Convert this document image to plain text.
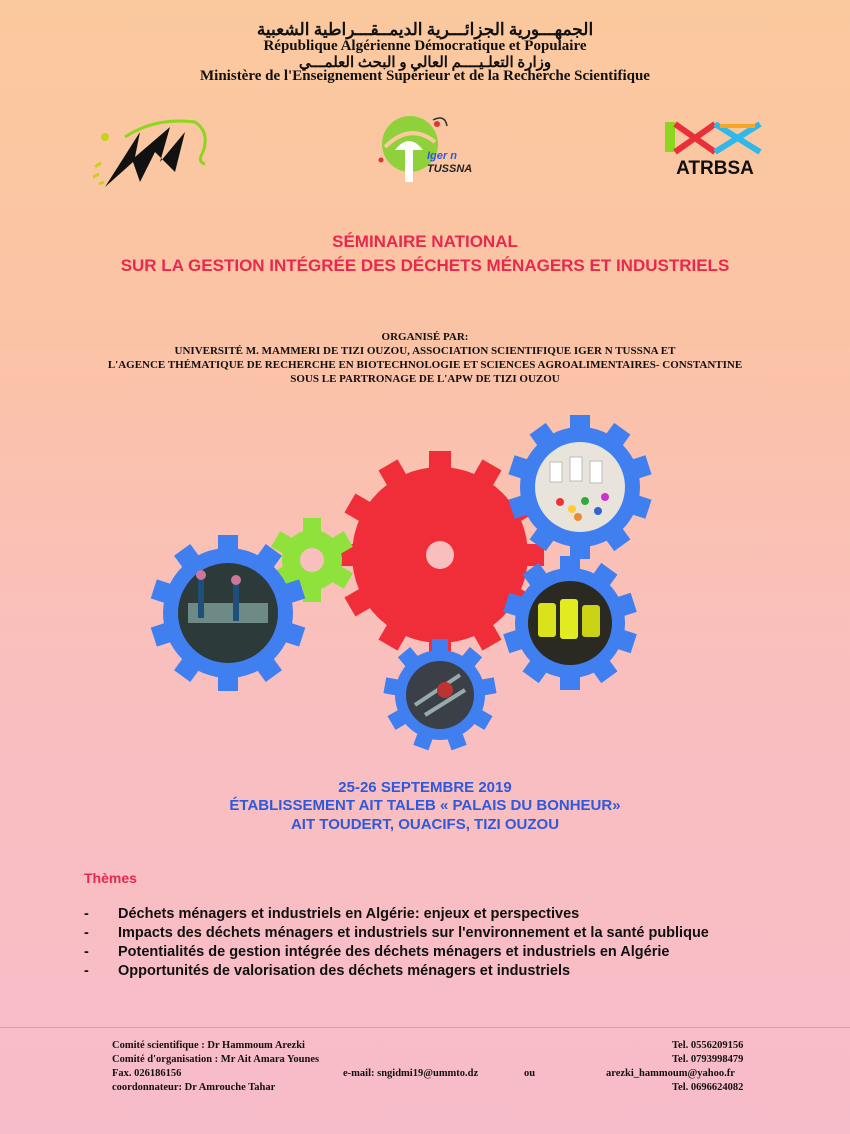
الجمهـــورية الجزائـــرية الديمــقـــراطية الشعبية
République Algérienne Démocratique et Populaire
وزارة التعلـيــــم العالي و البحث العلمـــي
Ministère de l'Enseignement Supérieur et de la Recherche Scientifique
Iger n
TUSSNA	ATRBSA
SÉMINAIRE NATIONAL
SUR LA GESTION INTÉGRÉE DES DÉCHETS MÉNAGERS ET INDUSTRIELS
ORGANISÉ PAR:
UNIVERSITÉ M. MAMMERI DE TIZI OUZOU, ASSOCIATION SCIENTIFIQUE IGER N TUSSNA ET
L'AGENCE THÉMATIQUE DE RECHERCHE EN BIOTECHNOLOGIE ET SCIENCES AGROALIMENTAIRES- CONSTANTINE
SOUS LE PARTRONAGE DE L'APW DE TIZI OUZOU
25-26 SEPTEMBRE 2019
ÉTABLISSEMENT AIT TALEB « PALAIS DU BONHEUR»
AIT TOUDERT, OUACIFS, TIZI OUZOU
Thèmes
- Déchets ménagers et industriels en Algérie: enjeux et perspectives
- Impacts des déchets ménagers et industriels sur l'environnement et la santé publique
- Potentialités de gestion intégrée des déchets ménagers et industriels en Algérie
- Opportunités de valorisation des déchets ménagers et industriels
Comité scientifique : Dr Hammoum Arezki	Tel. 0556209156
Comité d'organisation : Mr Ait Amara Younes	Tel. 0793998479
Fax. 026186156	e-mail: sngidmi19@ummto.dz	ou	arezki_hammoum@yahoo.fr
coordonnateur: Dr Amrouche Tahar	Tel. 0696624082
